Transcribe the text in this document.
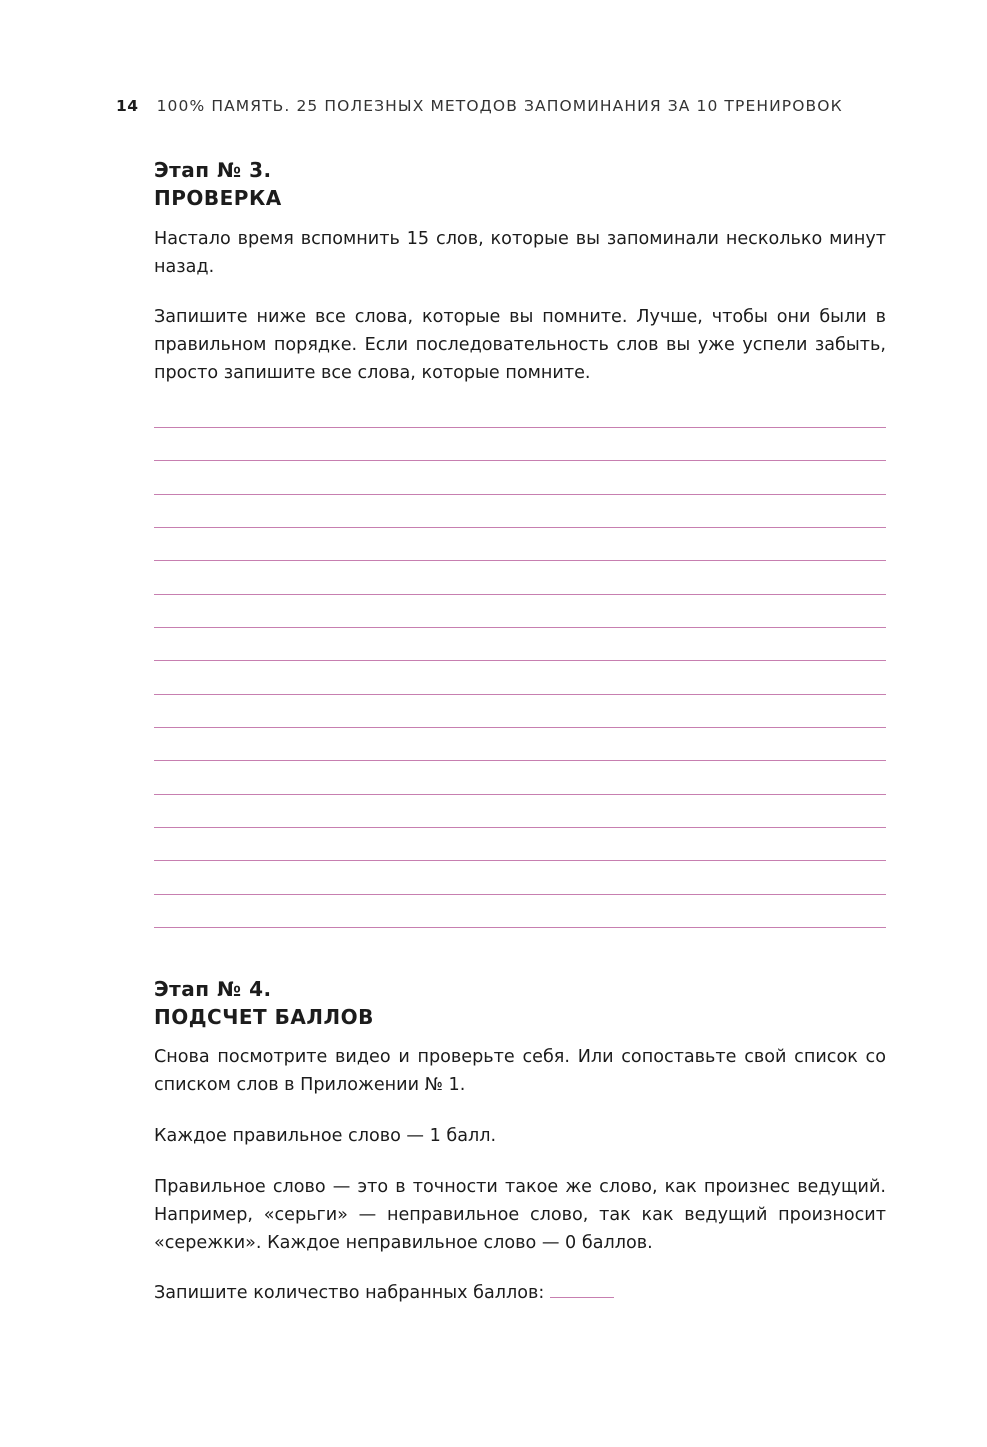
14 100% ПАМЯТЬ. 25 ПОЛЕЗНЫХ МЕТОДОВ ЗАПОМИНАНИЯ ЗА 10 ТРЕНИРОВОК

Этап № 3.

ПРОВЕРКА

Настало время вспомнить 15 слов, которые вы запоминали несколько минут назад.

Запишите ниже все слова, которые вы помните. Лучше, чтобы они были в правильном порядке. Если последовательность слов вы уже успели забыть, просто запишите все слова, которые помните.

Этап № 4.

ПОДСЧЕТ БАЛЛОВ

Снова посмотрите видео и проверьте себя. Или сопоставьте свой список со списком слов в Приложении № 1.

Каждое правильное слово — 1 балл.

Правильное слово — это в точности такое же слово, как произнес ведущий. Например, «серьги» — неправильное слово, так как ведущий произносит «сережки». Каждое неправильное слово — 0 баллов.

Запишите количество набранных баллов:
